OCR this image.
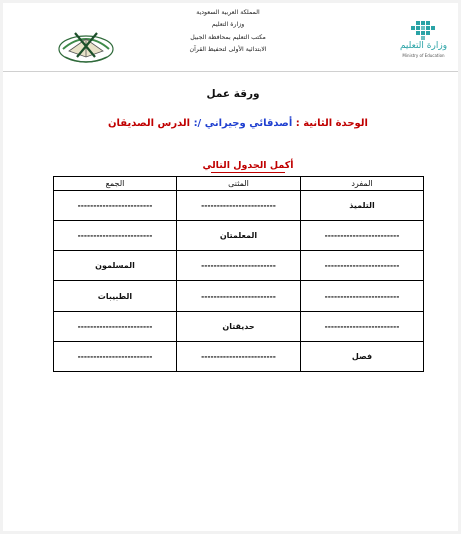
المملكة العربية السعودية
وزارة التعليم
مكتب التعليم بمحافظة الجبيل
الابتدائية الأولى لتحفيظ القرآن	وزارة التعليم
Ministry of Education
ورقة عمل
الوحدة الثانية : أصدقائي وجيراني /: الدرس الصديقان
أكمل الجدول التالي
المفرد	المثنى	الجمع
التلميذ	------------------------	------------------------
------------------------	المعلمتان	------------------------
------------------------	------------------------	المسلمون
------------------------	------------------------	الطبيبات
------------------------	حديقتان	------------------------
فصل	------------------------	------------------------
